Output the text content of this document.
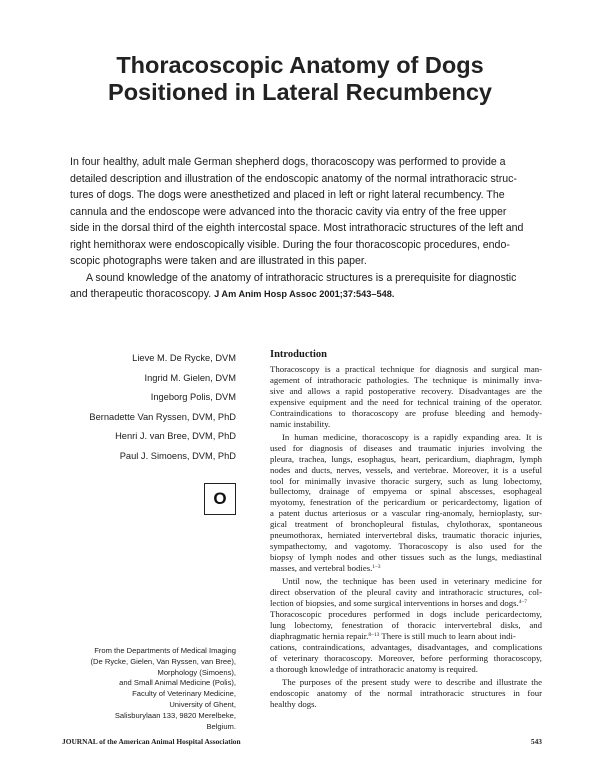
Thoracoscopic Anatomy of Dogs
Positioned in Lateral Recumbency
In four healthy, adult male German shepherd dogs, thoracoscopy was performed to provide a
detailed description and illustration of the endoscopic anatomy of the normal intrathoracic struc-
tures of dogs. The dogs were anesthetized and placed in left or right lateral recumbency. The
cannula and the endoscope were advanced into the thoracic cavity via entry of the free upper
side in the dorsal third of the eighth intercostal space. Most intrathoracic structures of the left and
right hemithorax were endoscopically visible. During the four thoracoscopic procedures, endo-
scopic photographs were taken and are illustrated in this paper.
A sound knowledge of the anatomy of intrathoracic structures is a prerequisite for diagnostic
and therapeutic thoracoscopy. J Am Anim Hosp Assoc 2001;37:543–548.
Lieve M. De Rycke, DVM
Ingrid M. Gielen, DVM
Ingeborg Polis, DVM
Bernadette Van Ryssen, DVM, PhD
Henri J. van Bree, DVM, PhD
Paul J. Simoens, DVM, PhD
O
From the Departments of Medical Imaging
(De Rycke, Gielen, Van Ryssen, van Bree),
Morphology (Simoens),
and Small Animal Medicine (Polis),
Faculty of Veterinary Medicine,
University of Ghent,
Salisburylaan 133, 9820 Merelbeke,
Belgium.
Introduction
Thoracoscopy is a practical technique for diagnosis and surgical man-
agement of intrathoracic pathologies. The technique is minimally inva-
sive and allows a rapid postoperative recovery. Disadvantages are the
expensive equipment and the need for technical training of the operator.
Contraindications to thoracoscopy are profuse bleeding and hemody-
namic instability.
In human medicine, thoracoscopy is a rapidly expanding area. It is
used for diagnosis of diseases and traumatic injuries involving the
pleura, trachea, lungs, esophagus, heart, pericardium, diaphragm, lymph
nodes and ducts, nerves, vessels, and vertebrae. Moreover, it is a useful
tool for minimally invasive thoracic surgery, such as lung lobectomy,
bullectomy, drainage of empyema or spinal abscesses, esophageal
myotomy, fenestration of the pericardium or pericardectomy, ligation of
a patent ductus arteriosus or a vascular ring-anomaly, hernioplasty, sur-
gical treatment of bronchopleural fistulas, chylothorax, spontaneous
pneumothorax, herniated intervertebral disks, traumatic thoracic injuries,
sympathectomy, and vagotomy. Thoracoscopy is also used for the
biopsy of lymph nodes and other tissues such as the lungs, mediastinal
masses, and vertebral bodies.$^{1-3}$
Until now, the technique has been used in veterinary medicine for
direct observation of the pleural cavity and intrathoracic structures, col-
lection of biopsies, and some surgical interventions in horses and dogs.$^{4-7}$
Thoracoscopic procedures performed in dogs include pericardectomy,
lung lobectomy, fenestration of thoracic intervertebral disks, and
diaphragmatic hernia repair.$^{8-13}$ There is still much to learn about indi-
cations, contraindications, advantages, disadvantages, and complications
of veterinary thoracoscopy. Moreover, before performing thoracoscopy,
a thorough knowledge of intrathoracic anatomy is required.
The purposes of the present study were to describe and illustrate the
endoscopic anatomy of the normal intrathoracic structures in four
healthy dogs.
JOURNAL of the American Animal Hospital Association	543
